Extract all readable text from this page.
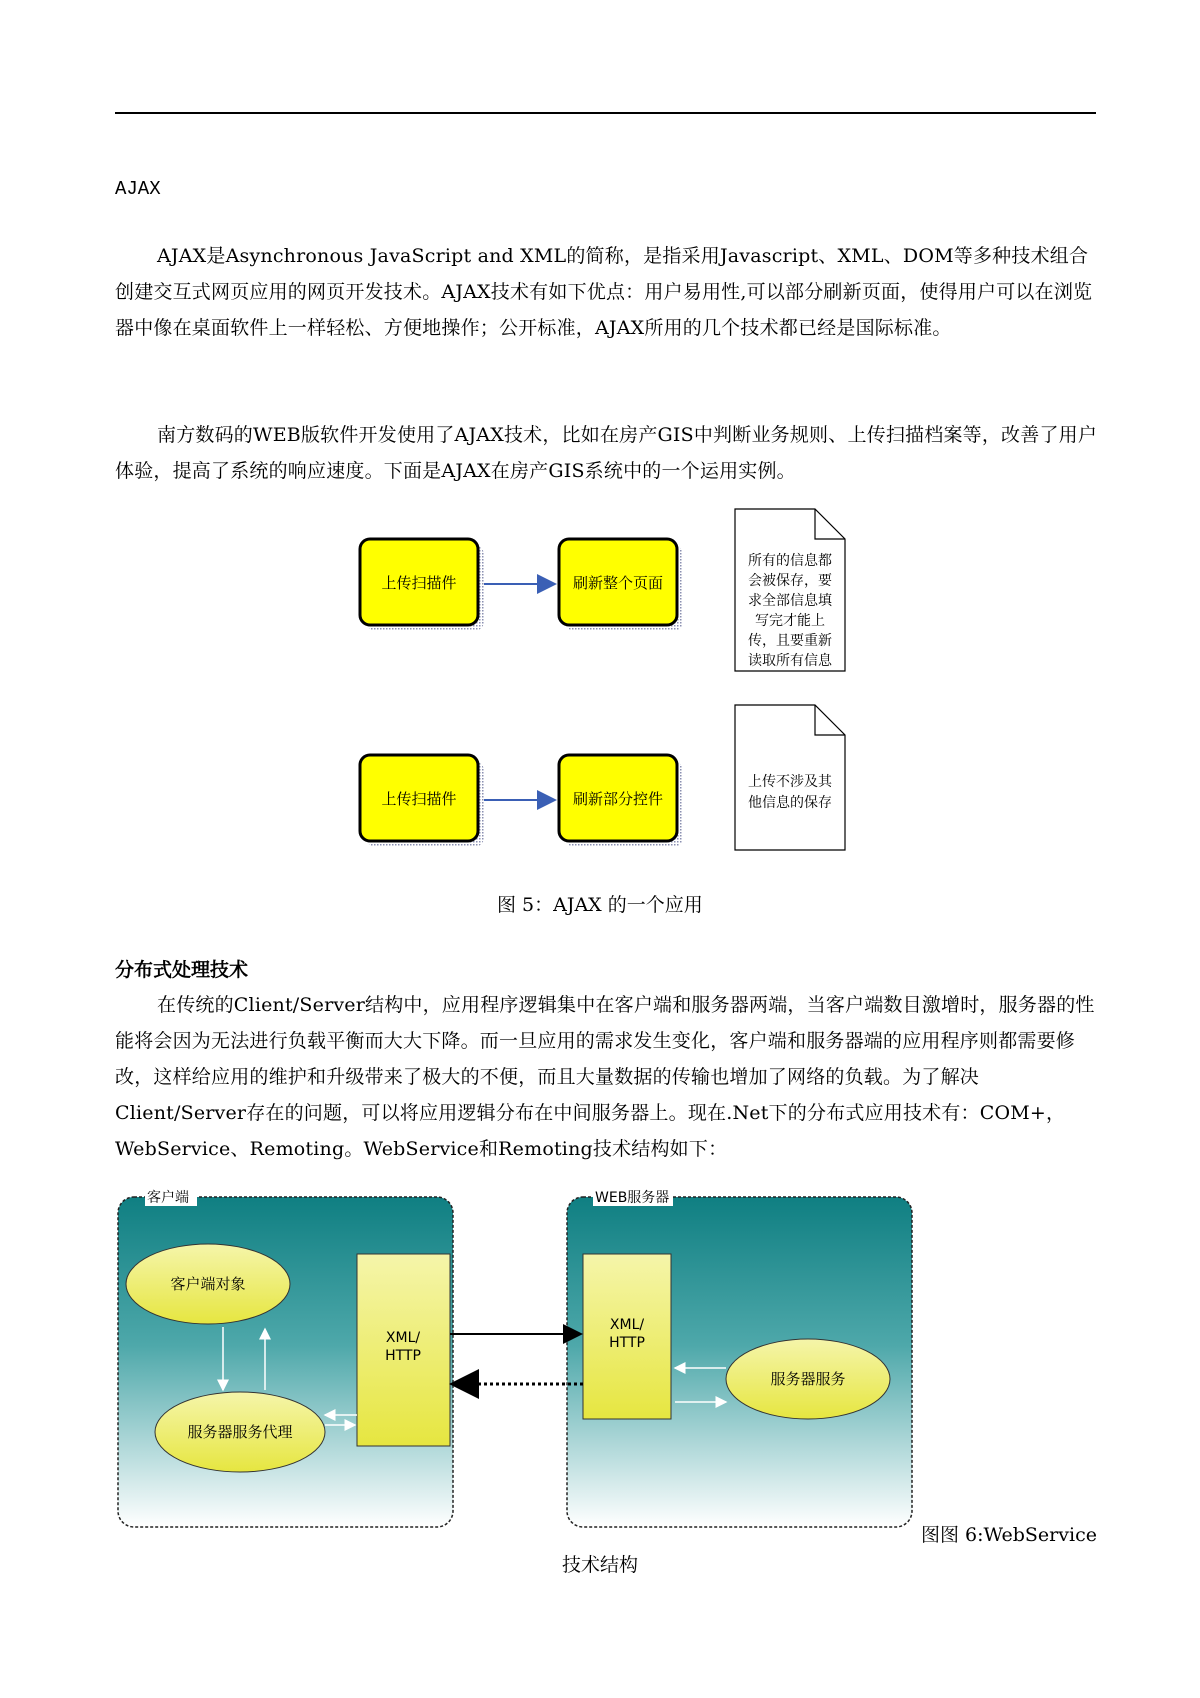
AJAX

AJAX是Asynchronous JavaScript and XML的简称，是指采用Javascript、XML、DOM等多种技术组合创建交互式网页应用的网页开发技术。AJAX技术有如下优点：用户易用性,可以部分刷新页面，使得用户可以在浏览器中像在桌面软件上一样轻松、方便地操作；公开标准，AJAX所用的几个技术都已经是国际标准。

南方数码的WEB版软件开发使用了AJAX技术，比如在房产GIS中判断业务规则、上传扫描档案等，改善了用户体验，提高了系统的响应速度。下面是AJAX在房产GIS系统中的一个运用实例。

上传扫描件	刷新整个页面
所有的信息都
会被保存，要
求全部信息填
写完才能上
传，且要重新
读取所有信息
上传扫描件	刷新部分控件
上传不涉及其
他信息的保存
图 5：AJAX 的一个应用
分布式处理技术

在传统的Client/Server结构中，应用程序逻辑集中在客户端和服务器两端，当客户端数目激增时，服务器的性能将会因为无法进行负载平衡而大大下降。而一旦应用的需求发生变化，客户端和服务器端的应用程序则都需要修改，这样给应用的维护和升级带来了极大的不便，而且大量数据的传输也增加了网络的负载。为了解决Client/Server存在的问题，可以将应用逻辑分布在中间服务器上。现在.Net下的分布式应用技术有：COM+，WebService、Remoting。WebService和Remoting技术结构如下：

客户端
客户端对象
服务器服务代理
XML/
HTTP
WEB服务器
XML/
HTTP
服务器服务
图图 6:WebService
技术结构
